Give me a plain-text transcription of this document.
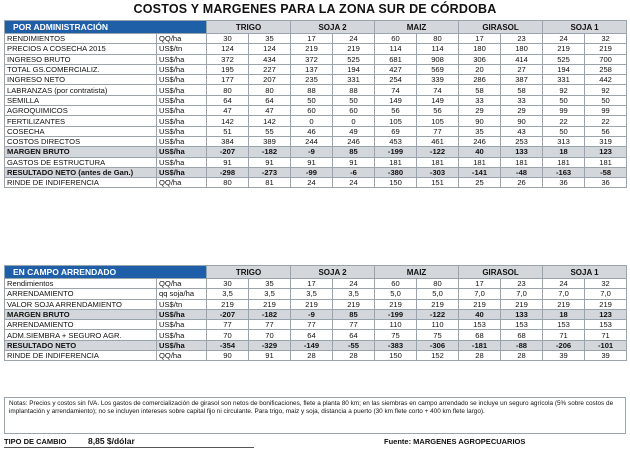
COSTOS Y MARGENES PARA LA ZONA SUR DE CÓRDOBA
POR ADMINISTRACIÓN		TRIGO		SOJA 2		MAIZ		GIRASOL		SOJA 1	
RENDIMIENTOS	QQ/ha	30	35	17	24	60	80	17	23	24	32
PRECIOS A COSECHA 2015	US$/tn	124	124	219	219	114	114	180	180	219	219
INGRESO BRUTO	US$/ha	372	434	372	525	681	908	306	414	525	700
TOTAL GS.COMERCIALIZ.	US$/ha	195	227	137	194	427	569	20	27	194	258
INGRESO NETO	US$/ha	177	207	235	331	254	339	286	387	331	442
LABRANZAS (por contratista)	US$/ha	80	80	88	88	74	74	58	58	92	92
SEMILLA	US$/ha	64	64	50	50	149	149	33	33	50	50
AGROQUIMICOS	US$/ha	47	47	60	60	56	56	29	29	99	99
FERTILIZANTES	US$/ha	142	142	0	0	105	105	90	90	22	22
COSECHA	US$/ha	51	55	46	49	69	77	35	43	50	56
COSTOS DIRECTOS	US$/ha	384	389	244	246	453	461	246	253	313	319
MARGEN BRUTO	US$/ha	-207	-182	-9	85	-199	-122	40	133	18	123
GASTOS DE ESTRUCTURA	US$/ha	91	91	91	91	181	181	181	181	181	181
RESULTADO NETO (antes de Gan.)	US$/ha	-298	-273	-99	-6	-380	-303	-141	-48	-163	-58
RINDE DE INDIFERENCIA	QQ/ha	80	81	24	24	150	151	25	26	36	36
EN CAMPO ARRENDADO		TRIGO		SOJA 2		MAIZ		GIRASOL		SOJA 1	
Rendimientos	QQ/ha	30	35	17	24	60	80	17	23	24	32
ARRENDAMIENTO	qq soja/ha	3,5	3,5	3,5	3,5	5,0	5,0	7,0	7,0	7,0	7,0
VALOR SOJA ARRENDAMIENTO	US$/tn	219	219	219	219	219	219	219	219	219	219
MARGEN BRUTO	US$/ha	-207	-182	-9	85	-199	-122	40	133	18	123
ARRENDAMIENTO	US$/ha	77	77	77	77	110	110	153	153	153	153
ADM.SIEMBRA + SEGURO AGR.	US$/ha	70	70	64	64	75	75	68	68	71	71
RESULTADO NETO	US$/ha	-354	-329	-149	-55	-383	-306	-181	-88	-206	-101
RINDE DE INDIFERENCIA	QQ/ha	90	91	28	28	150	152	28	28	39	39
Notas: Precios y costos sin IVA. Los gastos de comercialización de girasol son netos de bonificaciones, flete a planta 80 km; en las siembras en campo arrendado se incluye un seguro agrícola (5% sobre costos de implantación y arrendamiento); no se incluyen intereses sobre capital fijo ni circulante. Para trigo, maiz y soja, distancia a puerto (30 km flete corto + 400 km flete largo).
TIPO DE CAMBIO	8,85 $/dólar	Fuente: MARGENES AGROPECUARIOS
